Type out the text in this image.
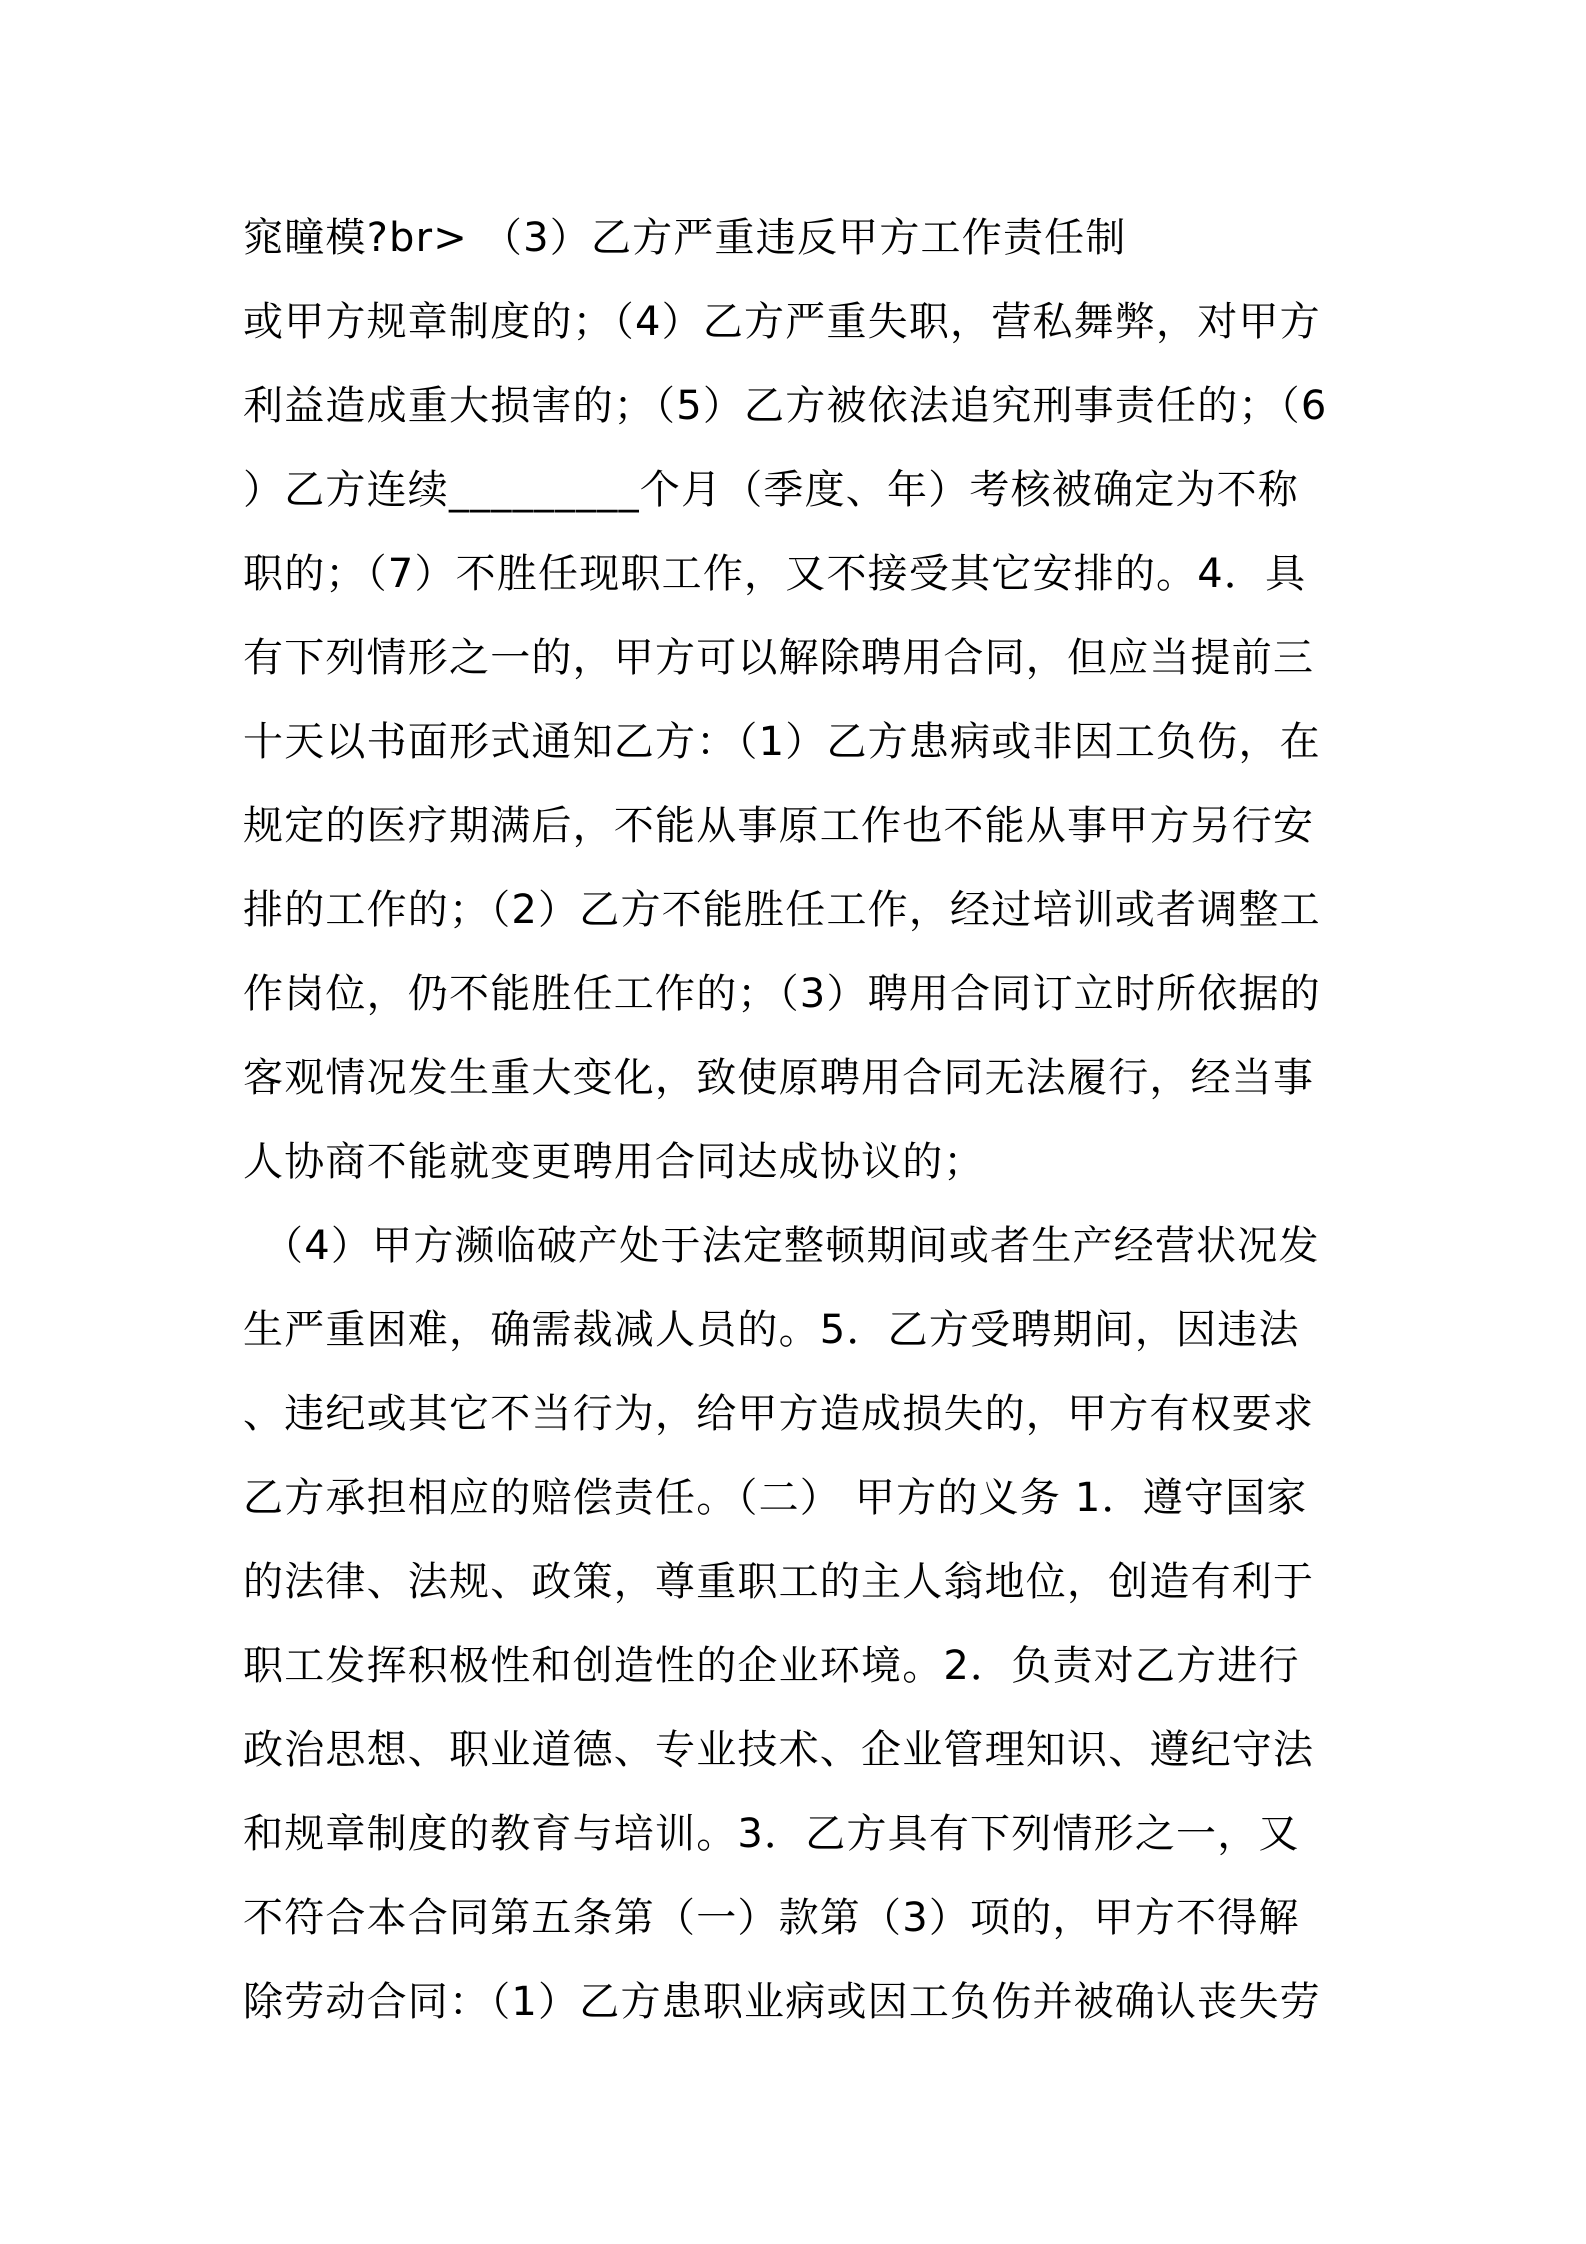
窕瞳模?br> （3）乙方严重违反甲方工作责任制
或甲方规章制度的；（4）乙方严重失职，营私舞弊，对甲方
利益造成重大损害的；（5）乙方被依法追究刑事责任的；（6
）乙方连续_________个月（季度、年）考核被确定为不称
职的；（7）不胜任现职工作，又不接受其它安排的。4．具
有下列情形之一的，甲方可以解除聘用合同，但应当提前三
十天以书面形式通知乙方：（1）乙方患病或非因工负伤，在
规定的医疗期满后，不能从事原工作也不能从事甲方另行安
排的工作的；（2）乙方不能胜任工作，经过培训或者调整工
作岗位，仍不能胜任工作的；（3）聘用合同订立时所依据的
客观情况发生重大变化，致使原聘用合同无法履行，经当事
人协商不能就变更聘用合同达成协议的；
（4）甲方濒临破产处于法定整顿期间或者生产经营状况发
生严重困难，确需裁减人员的。5．乙方受聘期间，因违法
、违纪或其它不当行为，给甲方造成损失的，甲方有权要求
乙方承担相应的赔偿责任。（二） 甲方的义务 1．遵守国家
的法律、法规、政策，尊重职工的主人翁地位，创造有利于
职工发挥积极性和创造性的企业环境。2．负责对乙方进行
政治思想、职业道德、专业技术、企业管理知识、遵纪守法
和规章制度的教育与培训。3．乙方具有下列情形之一，又
不符合本合同第五条第（一）款第（3）项的，甲方不得解
除劳动合同：（1）乙方患职业病或因工负伤并被确认丧失劳
